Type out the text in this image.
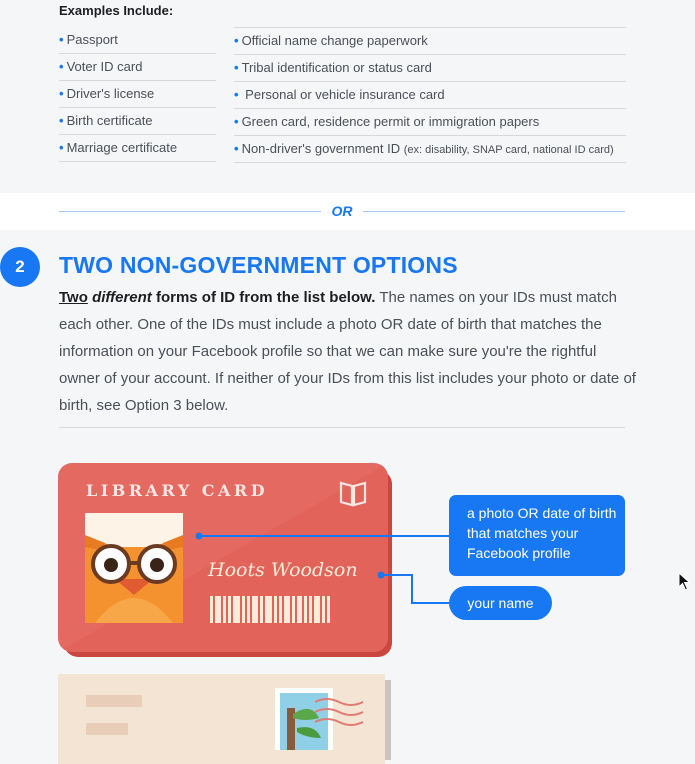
Examples Include:
• Passport
• Voter ID card
• Driver's license
• Birth certificate
• Marriage certificate
• Official name change paperwork
• Tribal identification or status card
• Personal or vehicle insurance card
• Green card, residence permit or immigration papers
• Non-driver's government ID (ex: disability, SNAP card, national ID card)
OR
2	TWO NON-GOVERNMENT OPTIONS
Two different forms of ID from the list below. The names on your IDs must match each other. One of the IDs must include a photo OR date of birth that matches the information on your Facebook profile so that we can make sure you're the rightful owner of your account. If neither of your IDs from this list includes your photo or date of birth, see Option 3 below.
LIBRARY CARD
Hoots Woodson
a photo OR date of birth that matches your Facebook profile
your name
